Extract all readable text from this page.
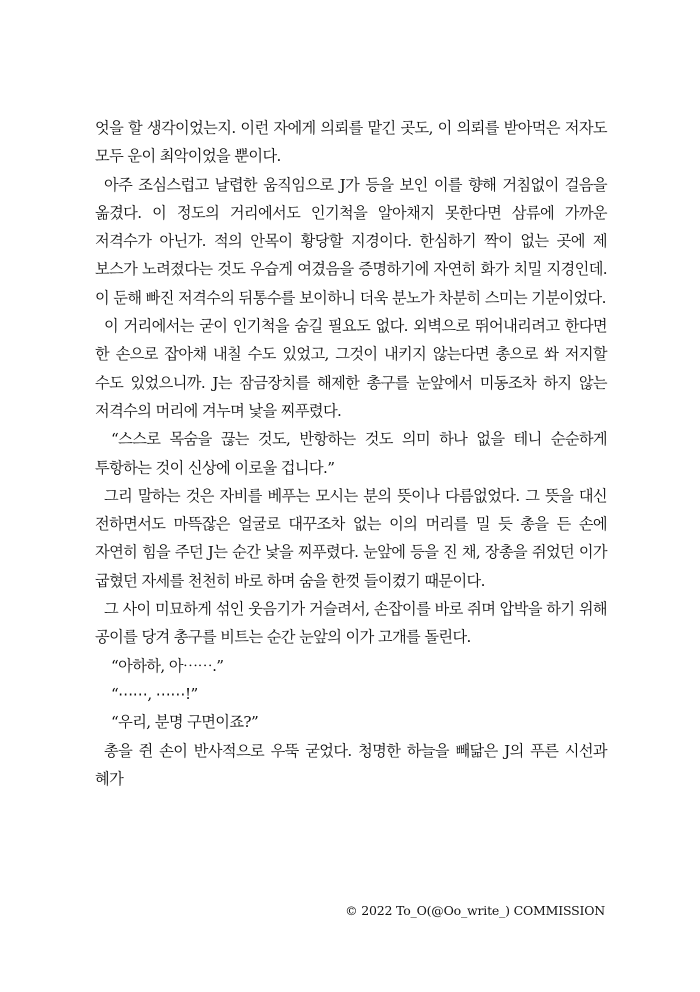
엇을 할 생각이었는지. 이런 자에게 의뢰를 맡긴 곳도, 이 의뢰를 받아먹은 저자도 모두 운이 최악이었을 뿐이다.

아주 조심스럽고 날렵한 움직임으로 J가 등을 보인 이를 향해 거침없이 걸음을 옮겼다. 이 정도의 거리에서도 인기척을 알아채지 못한다면 삼류에 가까운 저격수가 아닌가. 적의 안목이 황당할 지경이다. 한심하기 짝이 없는 곳에 제 보스가 노려졌다는 것도 우습게 여겼음을 증명하기에 자연히 화가 치밀 지경인데. 이 둔해 빠진 저격수의 뒤통수를 보이하니 더욱 분노가 차분히 스미는 기분이었다.

이 거리에서는 굳이 인기척을 숨길 필요도 없다. 외벽으로 뛰어내리려고 한다면 한 손으로 잡아채 내칠 수도 있었고, 그것이 내키지 않는다면 총으로 쏴 저지할 수도 있었으니까. J는 잠금장치를 해제한 총구를 눈앞에서 미동조차 하지 않는 저격수의 머리에 겨누며 낯을 찌푸렸다.

“스스로 목숨을 끊는 것도, 반항하는 것도 의미 하나 없을 테니 순순하게 투항하는 것이 신상에 이로울 겁니다.”

그리 말하는 것은 자비를 베푸는 모시는 분의 뜻이나 다름없었다. 그 뜻을 대신 전하면서도 마뜩잖은 얼굴로 대꾸조차 없는 이의 머리를 밀 듯 총을 든 손에 자연히 힘을 주던 J는 순간 낯을 찌푸렸다. 눈앞에 등을 진 채, 장총을 쥐었던 이가 굽혔던 자세를 천천히 바로 하며 숨을 한껏 들이켰기 때문이다.

그 사이 미묘하게 섞인 웃음기가 거슬려서, 손잡이를 바로 쥐며 압박을 하기 위해 공이를 당겨 총구를 비트는 순간 눈앞의 이가 고개를 돌린다.

“아하하, 아⋯⋯.”

“⋯⋯, ⋯⋯!”

“우리, 분명 구면이죠?”

총을 쥔 손이 반사적으로 우뚝 굳었다. 청명한 하늘을 빼닮은 J의 푸른 시선과 혜가

© 2022 To_O(@Oo_write_) COMMISSION
